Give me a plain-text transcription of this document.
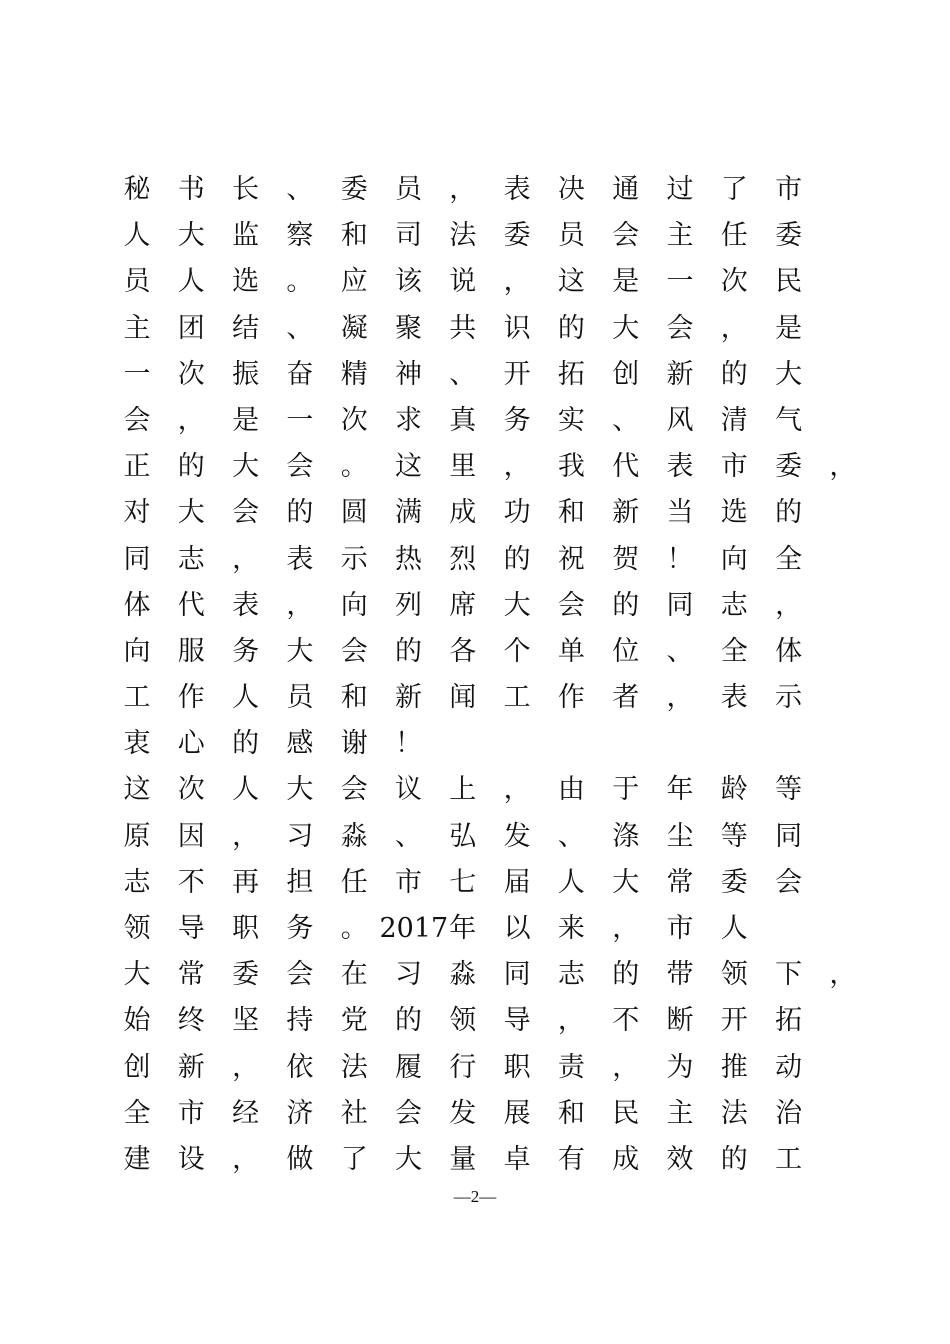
秘 书 长 、 委 员 ， 表 决 通 过 了 市
人 大 监 察 和 司 法 委 员 会 主 任 委
员 人 选 。 应 该 说 ， 这 是 一 次 民
主 团 结 、 凝 聚 共 识 的 大 会 ， 是
一 次 振 奋 精 神 、 开 拓 创 新 的 大
会 ， 是 一 次 求 真 务 实 、 风 清 气
正 的 大 会 。 这 里 ， 我 代 表 市 委 ，
对 大 会 的 圆 满 成 功 和 新 当 选 的
同 志 ， 表 示 热 烈 的 祝 贺 ！ 向 全
体 代 表 ， 向 列 席 大 会 的 同 志 ，
向 服 务 大 会 的 各 个 单 位 、 全 体
工 作 人 员 和 新 闻 工 作 者 ， 表 示
衷 心 的 感 谢 ！
这 次 人 大 会 议 上 ， 由 于 年 龄 等
原 因 ， 习 淼 、 弘 发 、 涤 尘 等 同
志 不 再 担 任 市 七 届 人 大 常 委 会
领 导 职 务 。 2017 年 以 来 ， 市 人
大 常 委 会 在 习 淼 同 志 的 带 领 下 ，
始 终 坚 持 党 的 领 导 ， 不 断 开 拓
创 新 ， 依 法 履 行 职 责 ， 为 推 动
全 市 经 济 社 会 发 展 和 民 主 法 治
建 设 ， 做 了 大 量 卓 有 成 效 的 工
—2—
